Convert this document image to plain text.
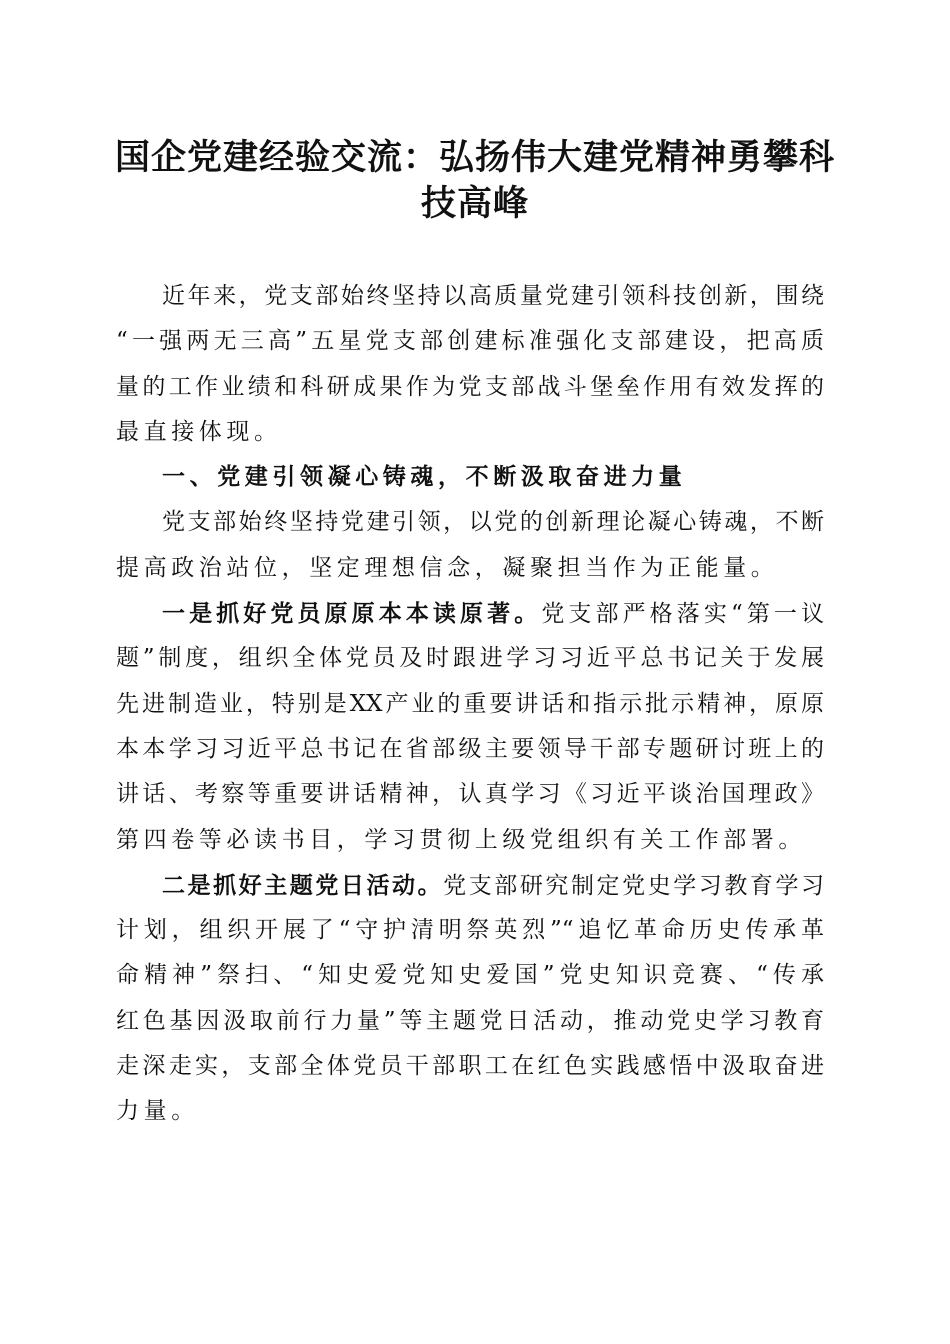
国企党建经验交流：弘扬伟大建党精神勇攀科
技高峰
近年来，党支部始终坚持以高质量党建引领科技创新，围绕
“一强两无三高”五星党支部创建标准强化支部建设，把高质
量的工作业绩和科研成果作为党支部战斗堡垒作用有效发挥的
最直接体现。
一、党建引领凝心铸魂，不断汲取奋进力量
党支部始终坚持党建引领，以党的创新理论凝心铸魂，不断
提高政治站位，坚定理想信念，凝聚担当作为正能量。
一是抓好党员原原本本读原著。党支部严格落实“第一议
题”制度，组织全体党员及时跟进学习习近平总书记关于发展
先进制造业，特别是XX产业的重要讲话和指示批示精神，原原
本本学习习近平总书记在省部级主要领导干部专题研讨班上的
讲话、考察等重要讲话精神，认真学习《习近平谈治国理政》
第四卷等必读书目，学习贯彻上级党组织有关工作部署。
二是抓好主题党日活动。党支部研究制定党史学习教育学习
计划，组织开展了“守护清明祭英烈”“追忆革命历史传承革
命精神”祭扫、“知史爱党知史爱国”党史知识竞赛、“传承
红色基因汲取前行力量”等主题党日活动，推动党史学习教育
走深走实，支部全体党员干部职工在红色实践感悟中汲取奋进
力量。
